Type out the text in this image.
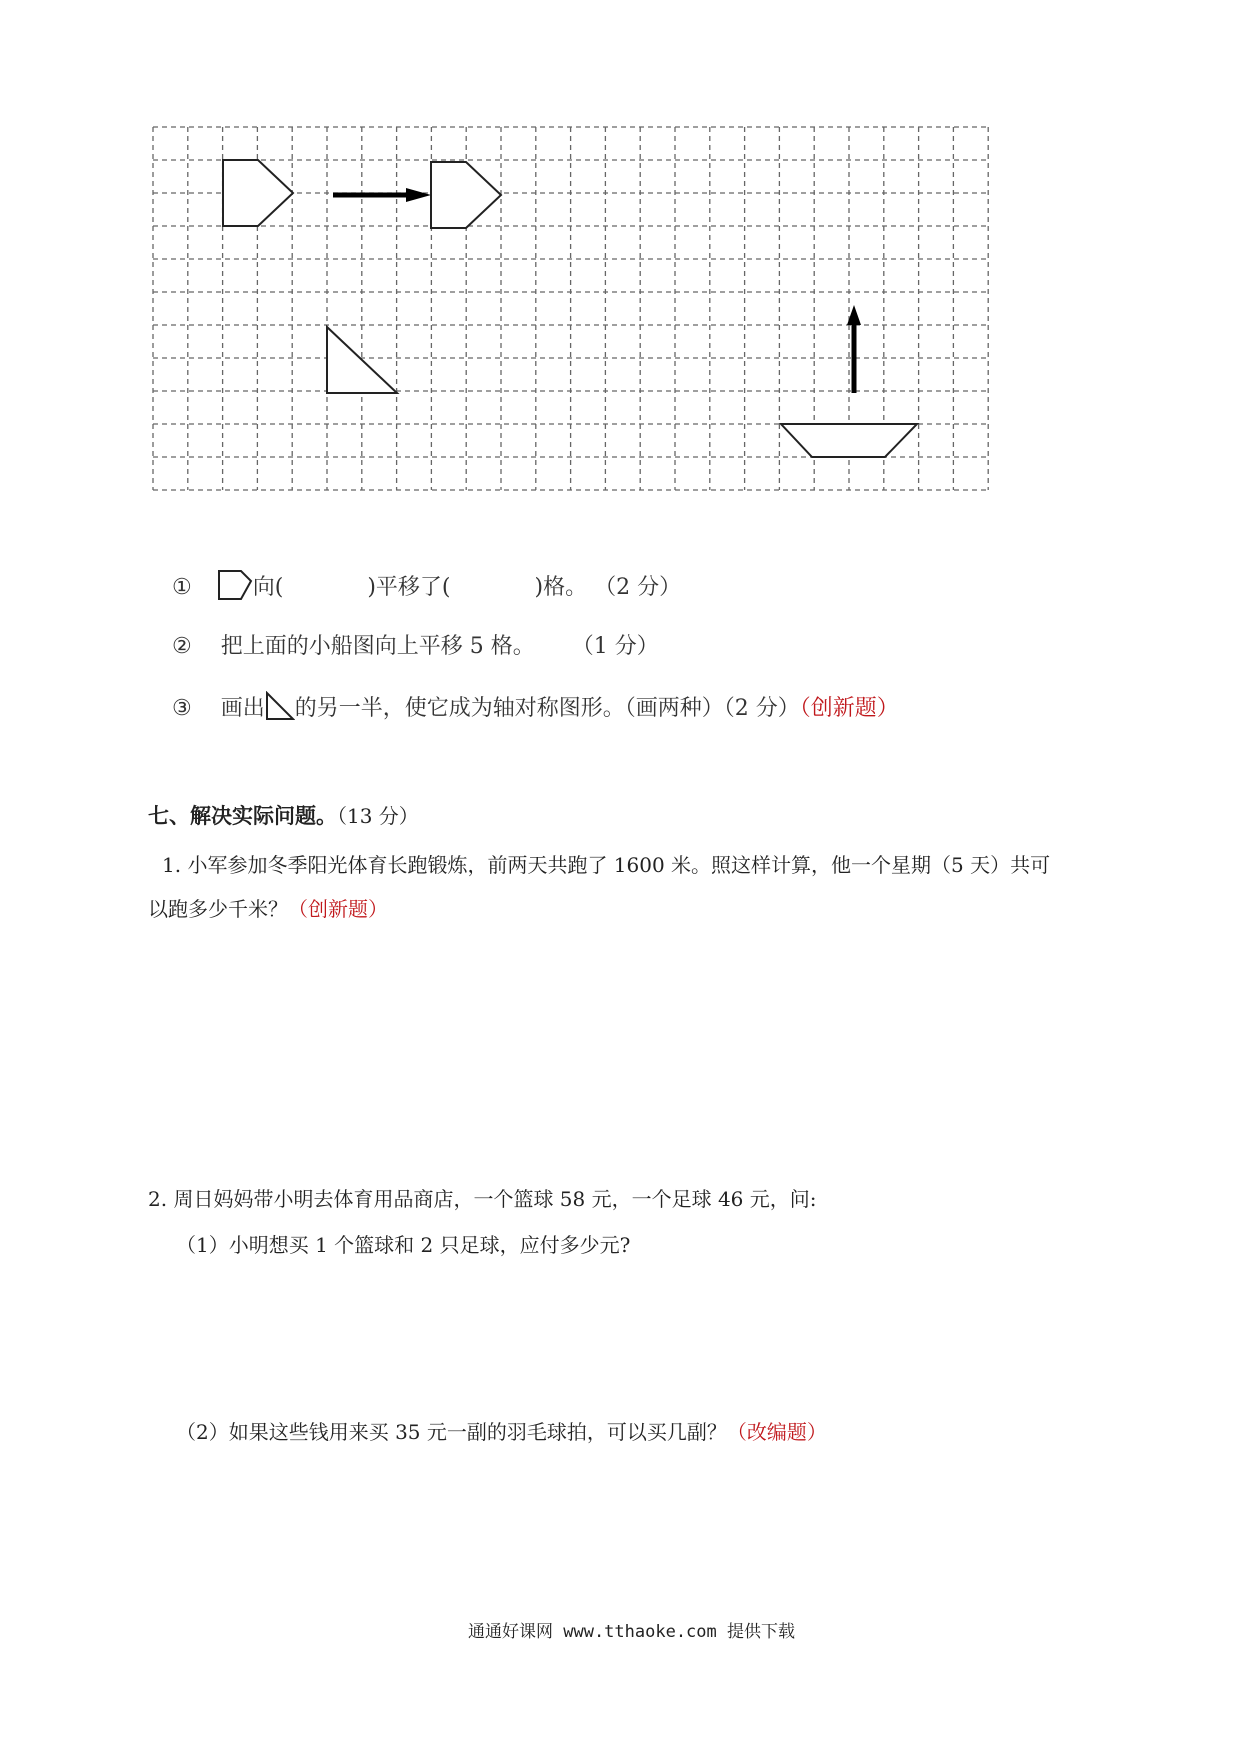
①	向(	)平移了(	)格。 （2 分）
② 把上面的小船图向上平移 5 格。 （1 分）
③ 画出 的另一半，使它成为轴对称图形。（画两种）（2 分）（创新题）
七、解决实际问题。（13 分）
1. 小军参加冬季阳光体育长跑锻炼，前两天共跑了 1600 米。照这样计算，他一个星期（5 天）共可
以跑多少千米？（创新题）
2. 周日妈妈带小明去体育用品商店，一个篮球 58 元，一个足球 46 元，问:
（1）小明想买 1 个篮球和 2 只足球，应付多少元?
（2）如果这些钱用来买 35 元一副的羽毛球拍，可以买几副？（改编题）
通通好课网 www.tthaoke.com 提供下载
